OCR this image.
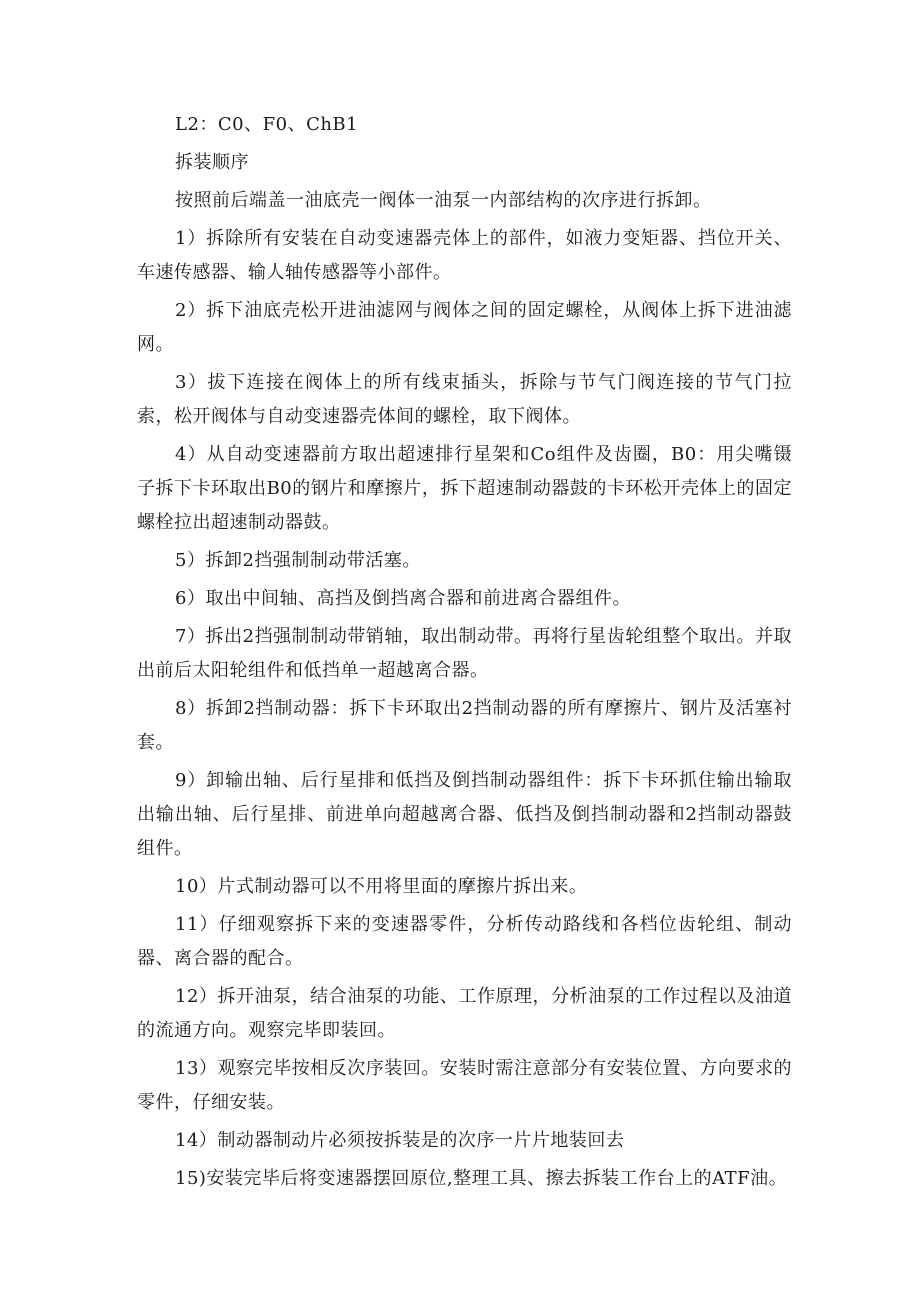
L2：C0、F0、ChB1

拆装顺序

按照前后端盖一油底壳一阀体一油泵一内部结构的次序进行拆卸。

1）拆除所有安装在自动变速器壳体上的部件，如液力变矩器、挡位开关、车速传感器、输人轴传感器等小部件。

2）拆下油底壳松开进油滤网与阀体之间的固定螺栓，从阀体上拆下进油滤网。

3）拔下连接在阀体上的所有线束插头，拆除与节气门阀连接的节气门拉索，松开阀体与自动变速器壳体间的螺栓，取下阀体。

4）从自动变速器前方取出超速排行星架和Co组件及齿圈，B0：用尖嘴镊子拆下卡环取出B0的钢片和摩擦片，拆下超速制动器鼓的卡环松开壳体上的固定螺栓拉出超速制动器鼓。

5）拆卸2挡强制制动带活塞。

6）取出中间轴、高挡及倒挡离合器和前进离合器组件。

7）拆出2挡强制制动带销轴，取出制动带。再将行星齿轮组整个取出。并取出前后太阳轮组件和低挡单一超越离合器。

8）拆卸2挡制动器：拆下卡环取出2挡制动器的所有摩擦片、钢片及活塞衬套。

9）卸输出轴、后行星排和低挡及倒挡制动器组件：拆下卡环抓住输出输取出输出轴、后行星排、前进单向超越离合器、低挡及倒挡制动器和2挡制动器鼓组件。

10）片式制动器可以不用将里面的摩擦片拆出来。

11）仔细观察拆下来的变速器零件，分析传动路线和各档位齿轮组、制动器、离合器的配合。

12）拆开油泵，结合油泵的功能、工作原理，分析油泵的工作过程以及油道的流通方向。观察完毕即装回。

13）观察完毕按相反次序装回。安装时需注意部分有安装位置、方向要求的零件，仔细安装。

14）制动器制动片必须按拆装是的次序一片片地装回去

15)安装完毕后将变速器摆回原位,整理工具、擦去拆装工作台上的ATF油。
